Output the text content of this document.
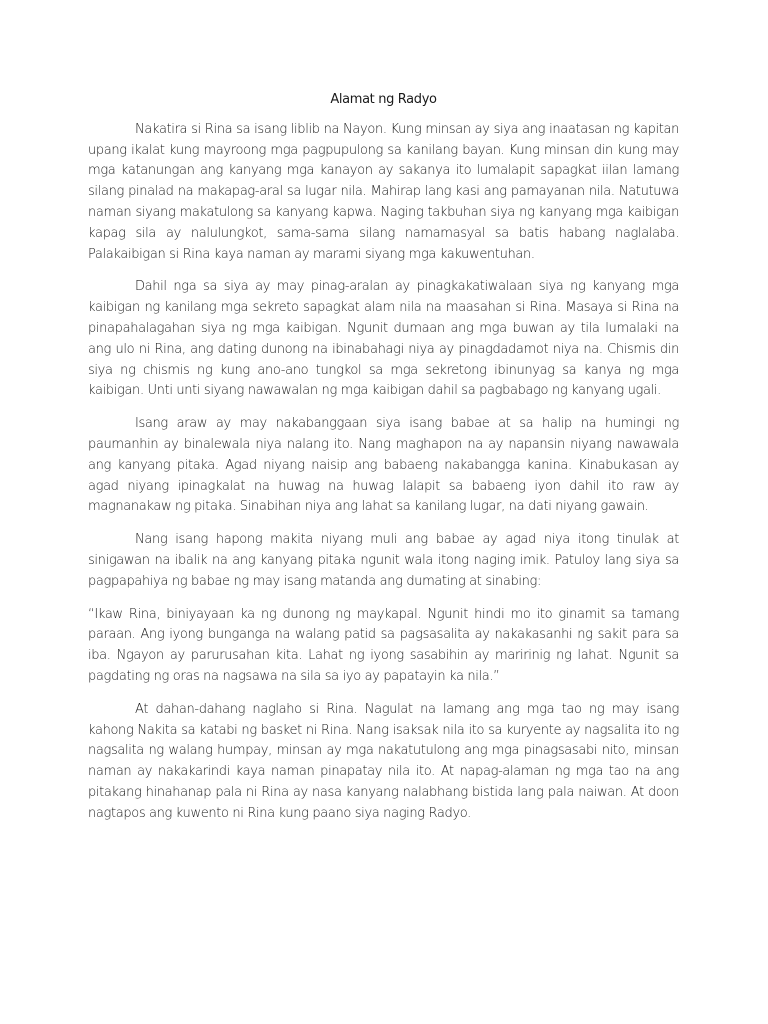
Alamat ng Radyo

Nakatira si Rina sa isang liblib na Nayon. Kung minsan ay siya ang inaatasan ng kapitan upang ikalat kung mayroong mga pagpupulong sa kanilang bayan. Kung minsan din kung may mga katanungan ang kanyang mga kanayon ay sakanya ito lumalapit sapagkat iilan lamang silang pinalad na makapag-aral sa lugar nila. Mahirap lang kasi ang pamayanan nila. Natutuwa naman siyang makatulong sa kanyang kapwa. Naging takbuhan siya ng kanyang mga kaibigan kapag sila ay nalulungkot, sama-sama silang namamasyal sa batis habang naglalaba. Palakaibigan si Rina kaya naman ay marami siyang mga kakuwentuhan.

Dahil nga sa siya ay may pinag-aralan ay pinagkakatiwalaan siya ng kanyang mga kaibigan ng kanilang mga sekreto sapagkat alam nila na maasahan si Rina. Masaya si Rina na pinapahalagahan siya ng mga kaibigan. Ngunit dumaan ang mga buwan ay tila lumalaki na ang ulo ni Rina, ang dating dunong na ibinabahagi niya ay pinagdadamot niya na. Chismis din siya ng chismis ng kung ano-ano tungkol sa mga sekretong ibinunyag sa kanya ng mga kaibigan. Unti unti siyang nawawalan ng mga kaibigan dahil sa pagbabago ng kanyang ugali.

Isang araw ay may nakabanggaan siya isang babae at sa halip na humingi ng paumanhin ay binalewala niya nalang ito. Nang maghapon na ay napansin niyang nawawala ang kanyang pitaka. Agad niyang naisip ang babaeng nakabangga kanina. Kinabukasan ay agad niyang ipinagkalat na huwag na huwag lalapit sa babaeng iyon dahil ito raw ay magnanakaw ng pitaka. Sinabihan niya ang lahat sa kanilang lugar, na dati niyang gawain.

Nang isang hapong makita niyang muli ang babae ay agad niya itong tinulak at sinigawan na ibalik na ang kanyang pitaka ngunit wala itong naging imik. Patuloy lang siya sa pagpapahiya ng babae ng may isang matanda ang dumating at sinabing:

“Ikaw Rina, biniyayaan ka ng dunong ng maykapal. Ngunit hindi mo ito ginamit sa tamang paraan. Ang iyong bunganga na walang patid sa pagsasalita ay nakakasanhi ng sakit para sa iba. Ngayon ay parurusahan kita. Lahat ng iyong sasabihin ay maririnig ng lahat. Ngunit sa pagdating ng oras na nagsawa na sila sa iyo ay papatayin ka nila.”

At dahan-dahang naglaho si Rina. Nagulat na lamang ang mga tao ng may isang kahong Nakita sa katabi ng basket ni Rina. Nang isaksak nila ito sa kuryente ay nagsalita ito ng nagsalita ng walang humpay, minsan ay mga nakatutulong ang mga pinagsasabi nito, minsan naman ay nakakarindi kaya naman pinapatay nila ito. At napag-alaman ng mga tao na ang pitakang hinahanap pala ni Rina ay nasa kanyang nalabhang bistida lang pala naiwan. At doon nagtapos ang kuwento ni Rina kung paano siya naging Radyo.
